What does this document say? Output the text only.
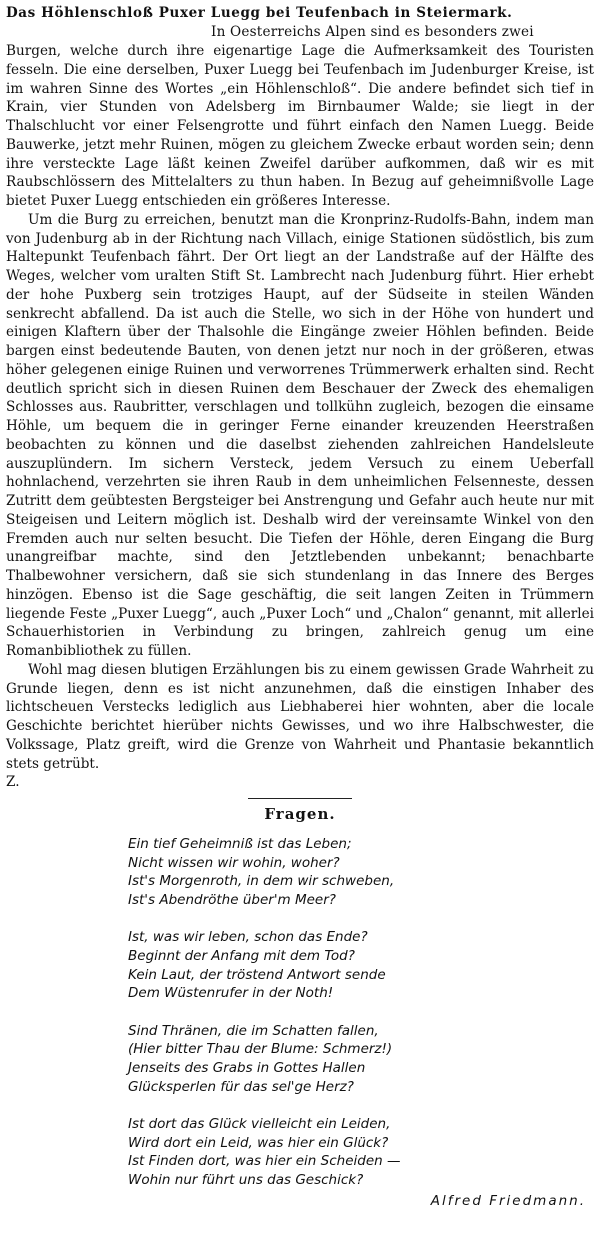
Das Höhlenschloß Puxer Luegg bei Teufenbach in Steiermark.
In Oesterreichs Alpen sind es besonders zwei

Burgen, welche durch ihre eigenartige Lage die Aufmerksamkeit des Touristen fesseln. Die eine derselben, Puxer Luegg bei Teufenbach im Judenburger Kreise, ist im wahren Sinne des Wortes „ein Höhlenschloß“. Die andere befindet sich tief in Krain, vier Stunden von Adelsberg im Birnbaumer Walde; sie liegt in der Thalschlucht vor einer Felsengrotte und führt einfach den Namen Luegg. Beide Bauwerke, jetzt mehr Ruinen, mögen zu gleichem Zwecke erbaut worden sein; denn ihre versteckte Lage läßt keinen Zweifel darüber aufkommen, daß wir es mit Raubschlössern des Mittelalters zu thun haben. In Bezug auf geheimnißvolle Lage bietet Puxer Luegg entschieden ein größeres Interesse.

Um die Burg zu erreichen, benutzt man die Kronprinz-Rudolfs-Bahn, indem man von Judenburg ab in der Richtung nach Villach, einige Stationen südöstlich, bis zum Haltepunkt Teufenbach fährt. Der Ort liegt an der Landstraße auf der Hälfte des Weges, welcher vom uralten Stift St. Lambrecht nach Judenburg führt. Hier erhebt der hohe Puxberg sein trotziges Haupt, auf der Südseite in steilen Wänden senkrecht abfallend. Da ist auch die Stelle, wo sich in der Höhe von hundert und einigen Klaftern über der Thalsohle die Eingänge zweier Höhlen befinden. Beide bargen einst bedeutende Bauten, von denen jetzt nur noch in der größeren, etwas höher gelegenen einige Ruinen und verworrenes Trümmerwerk erhalten sind. Recht deutlich spricht sich in diesen Ruinen dem Beschauer der Zweck des ehemaligen Schlosses aus. Raubritter, verschlagen und tollkühn zugleich, bezogen die einsame Höhle, um bequem die in geringer Ferne einander kreuzenden Heerstraßen beobachten zu können und die daselbst ziehenden zahlreichen Handelsleute auszuplündern. Im sichern Versteck, jedem Versuch zu einem Ueberfall hohnlachend, verzehrten sie ihren Raub in dem unheimlichen Felsenneste, dessen Zutritt dem geübtesten Bergsteiger bei Anstrengung und Gefahr auch heute nur mit Steigeisen und Leitern möglich ist. Deshalb wird der vereinsamte Winkel von den Fremden auch nur selten besucht. Die Tiefen der Höhle, deren Eingang die Burg unangreifbar machte, sind den Jetztlebenden unbekannt; benachbarte Thalbewohner versichern, daß sie sich stundenlang in das Innere des Berges hinzögen. Ebenso ist die Sage geschäftig, die seit langen Zeiten in Trümmern liegende Feste „Puxer Luegg“, auch „Puxer Loch“ und „Chalon“ genannt, mit allerlei Schauerhistorien in Verbindung zu bringen, zahlreich genug um eine Romanbibliothek zu füllen.

Wohl mag diesen blutigen Erzählungen bis zu einem gewissen Grade Wahrheit zu Grunde liegen, denn es ist nicht anzunehmen, daß die einstigen Inhaber des lichtscheuen Verstecks lediglich aus Liebhaberei hier wohnten, aber die locale Geschichte berichtet hierüber nichts Gewisses, und wo ihre Halbschwester, die Volkssage, Platz greift, wird die Grenze von Wahrheit und Phantasie bekanntlich stets getrübt.

Z.

Fragen.
Ein tief Geheimniß ist das Leben;
Nicht wissen wir wohin, woher?
Ist's Morgenroth, in dem wir schweben,
Ist's Abendröthe über'm Meer?
Ist, was wir leben, schon das Ende?
Beginnt der Anfang mit dem Tod?
Kein Laut, der tröstend Antwort sende
Dem Wüstenrufer in der Noth!
Sind Thränen, die im Schatten fallen,
(Hier bitter Thau der Blume: Schmerz!)
Jenseits des Grabs in Gottes Hallen
Glücksperlen für das sel'ge Herz?
Ist dort das Glück vielleicht ein Leiden,
Wird dort ein Leid, was hier ein Glück?
Ist Finden dort, was hier ein Scheiden —
Wohin nur führt uns das Geschick?
Alfred Friedmann.
